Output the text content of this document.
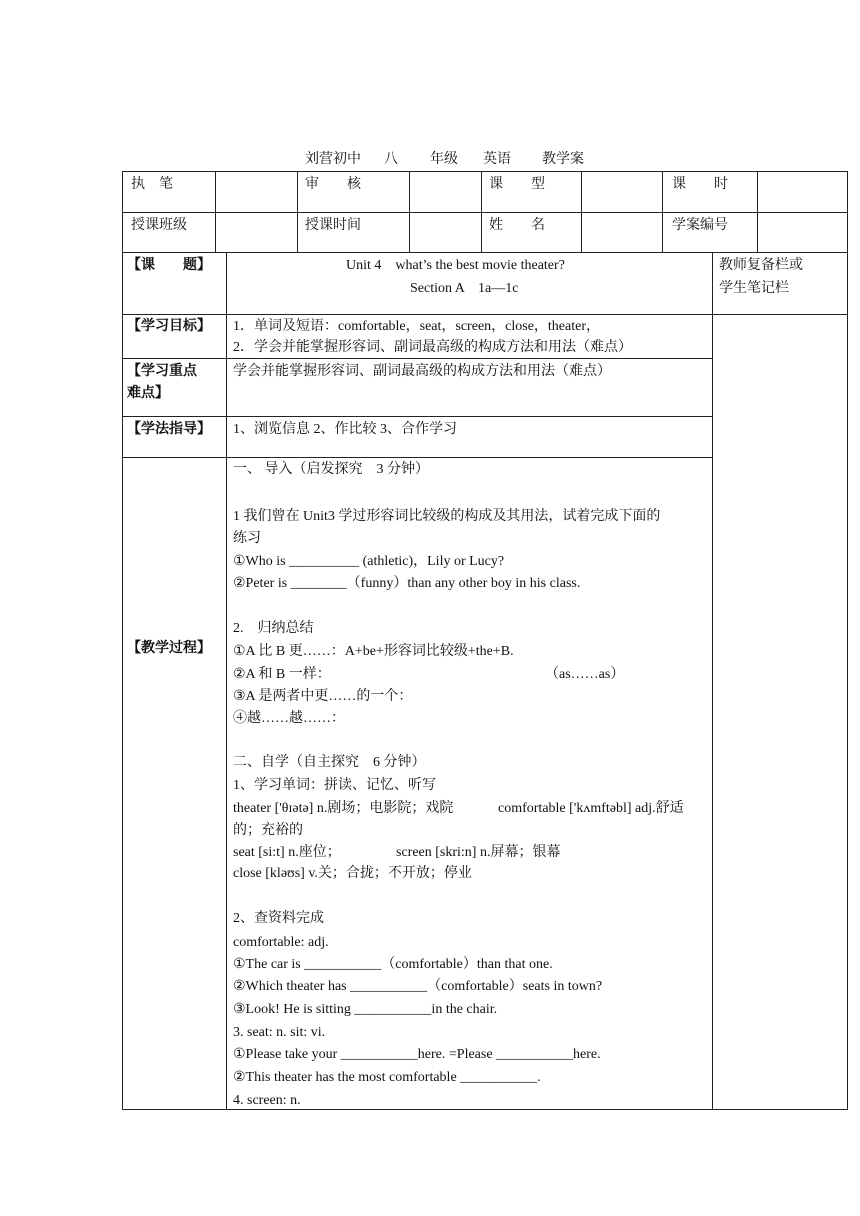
刘营初中 八 年级 英语 教学案
执　笔	审　　核	课　　型	课　　时
授课班级	授课时间	姓　　名	学案编号
【课　　题】	Unit 4　what’s the best movie theater?
Section A　1a—1c
教师复备栏或
学生笔记栏
【学习目标】 1．单词及短语：comfortable，seat，screen，close，theater，
2．学会并能掌握形容词、副词最高级的构成方法和用法（难点）
【学习重点
难点】
学会并能掌握形容词、副词最高级的构成方法和用法（难点）
【学法指导】 1、浏览信息 2、作比较 3、合作学习
【教学过程】
一、 导入（启发探究　3 分钟）
1 我们曾在 Unit3 学过形容词比较级的构成及其用法，试着完成下面的
练习
①Who is __________ (athletic)，Lily or Lucy?
②Peter is ________（funny）than any other boy in his class.
2.　归纳总结
①A 比 B 更……：A+be+形容词比较级+the+B.
②A 和 B 一样：	（as……as）
③A 是两者中更……的一个：
④越……越……：
二、自学（自主探究　6 分钟）
1、学习单词：拼读、记忆、听写
theater ['θɪətə] n.剧场；电影院；戏院	comfortable ['kʌmftəbl] adj.舒适
的；充裕的
seat [si:t] n.座位；	screen [skri:n] n.屏幕；银幕
close [kləʊs] v.关；合拢；不开放；停业
2、查资料完成
comfortable: adj.
①The car is ___________（comfortable）than that one.
②Which theater has ___________（comfortable）seats in town?
③Look! He is sitting ___________in the chair.
3. seat: n. sit: vi.
①Please take your ___________here. =Please ___________here.
②This theater has the most comfortable ___________.
4. screen: n.
